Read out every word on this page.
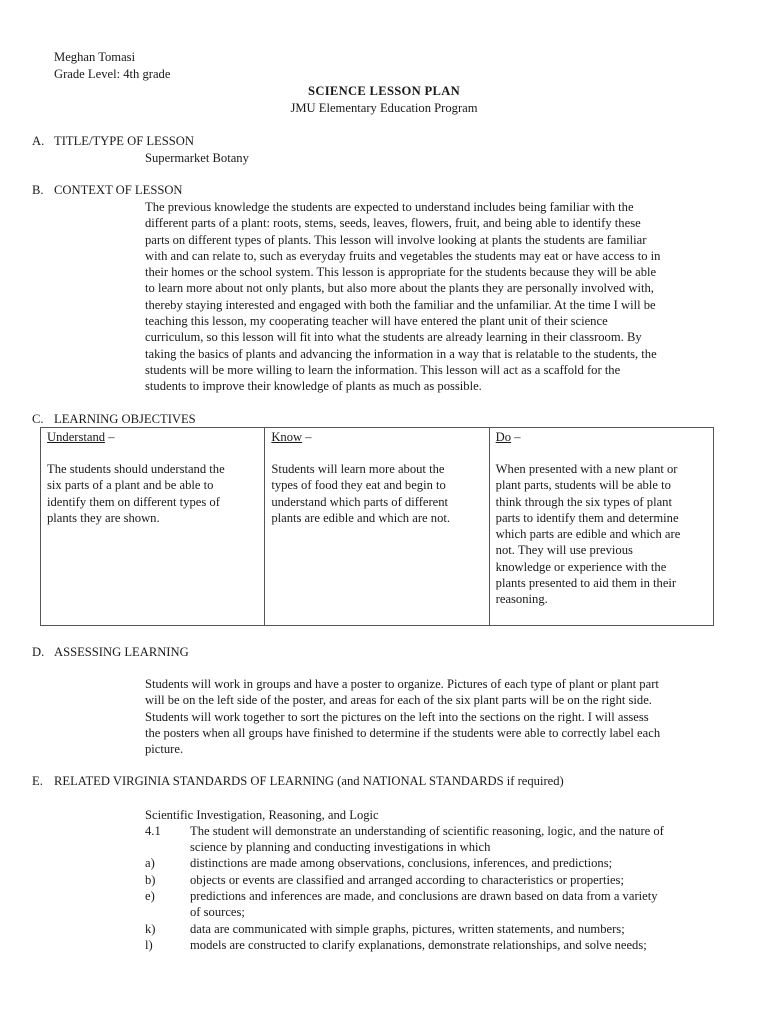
Meghan Tomasi
Grade Level: 4th grade
SCIENCE LESSON PLAN
JMU Elementary Education Program
A. TITLE/TYPE OF LESSON
Supermarket Botany
B. CONTEXT OF LESSON
The previous knowledge the students are expected to understand includes being familiar with the
different parts of a plant: roots, stems, seeds, leaves, flowers, fruit, and being able to identify these
parts on different types of plants. This lesson will involve looking at plants the students are familiar
with and can relate to, such as everyday fruits and vegetables the students may eat or have access to in
their homes or the school system. This lesson is appropriate for the students because they will be able
to learn more about not only plants, but also more about the plants they are personally involved with,
thereby staying interested and engaged with both the familiar and the unfamiliar. At the time I will be
teaching this lesson, my cooperating teacher will have entered the plant unit of their science
curriculum, so this lesson will fit into what the students are already learning in their classroom. By
taking the basics of plants and advancing the information in a way that is relatable to the students, the
students will be more willing to learn the information. This lesson will act as a scaffold for the
students to improve their knowledge of plants as much as possible.
C. LEARNING OBJECTIVES
Understand –
The students should understand the
six parts of a plant and be able to
identify them on different types of
plants they are shown.

Know –
Students will learn more about the
types of food they eat and begin to
understand which parts of different
plants are edible and which are not.

Do –
When presented with a new plant or
plant parts, students will be able to
think through the six types of plant
parts to identify them and determine
which parts are edible and which are
not. They will use previous
knowledge or experience with the
plants presented to aid them in their
reasoning.
D. ASSESSING LEARNING
Students will work in groups and have a poster to organize. Pictures of each type of plant or plant part
will be on the left side of the poster, and areas for each of the six plant parts will be on the right side.
Students will work together to sort the pictures on the left into the sections on the right. I will assess
the posters when all groups have finished to determine if the students were able to correctly label each
picture.
E. RELATED VIRGINIA STANDARDS OF LEARNING (and NATIONAL STANDARDS if required)
Scientific Investigation, Reasoning, and Logic
4.1 The student will demonstrate an understanding of scientific reasoning, logic, and the nature of
science by planning and conducting investigations in which
a)	distinctions are made among observations, conclusions, inferences, and predictions;
b)	objects or events are classified and arranged according to characteristics or properties;
e)	predictions and inferences are made, and conclusions are drawn based on data from a variety
of sources;
k)	data are communicated with simple graphs, pictures, written statements, and numbers;
l)	models are constructed to clarify explanations, demonstrate relationships, and solve needs;
